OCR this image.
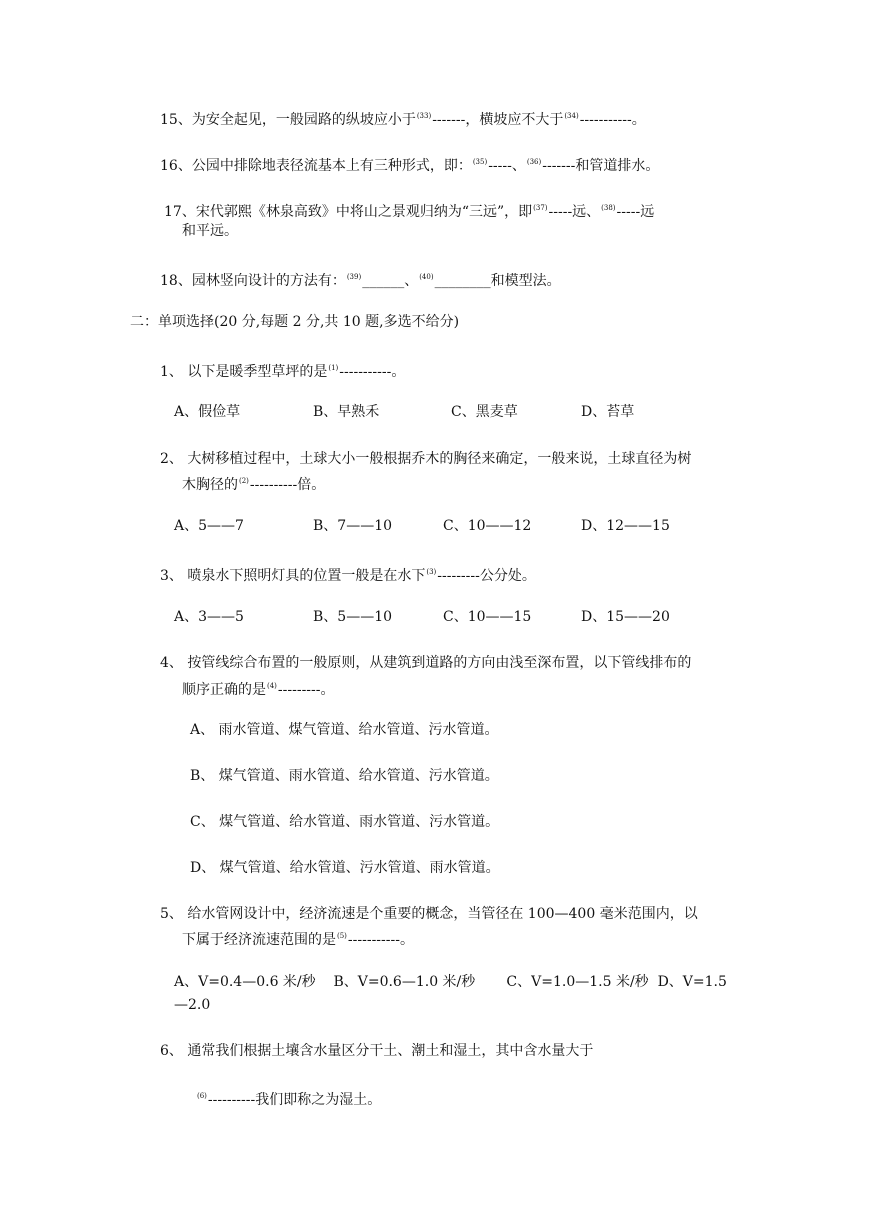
15、为安全起见，一般园路的纵坡应小于$^{(33)}$-------，横坡应不大于$^{(34)}$-----------。
16、公园中排除地表径流基本上有三种形式，即：$^{(35)}$-----、$^{(36)}$-------和管道排水。
17、宋代郭熙《林泉高致》中将山之景观归纳为“三远”，即$^{(37)}$-----远、$^{(38)}$-----远
和平远。
18、园林竖向设计的方法有：$^{(39)}$______、$^{(40)}$________和模型法。
二：单项选择(20 分,每题 2 分,共 10 题,多选不给分)
1、 以下是暖季型草坪的是$^{(1)}$-----------。
A、假俭草	B、早熟禾	C、黑麦草	D、苔草
2、 大树移植过程中，土球大小一般根据乔木的胸径来确定，一般来说，土球直径为树
木胸径的$^{(2)}$----------倍。
A、5——7	B、7——10	C、10——12	D、12——15
3、 喷泉水下照明灯具的位置一般是在水下$^{(3)}$---------公分处。
A、3——5	B、5——10	C、10——15	D、15——20
4、 按管线综合布置的一般原则，从建筑到道路的方向由浅至深布置，以下管线排布的
顺序正确的是$^{(4)}$---------。
A、 雨水管道、煤气管道、给水管道、污水管道。
B、 煤气管道、雨水管道、给水管道、污水管道。
C、 煤气管道、给水管道、雨水管道、污水管道。
D、 煤气管道、给水管道、污水管道、雨水管道。
5、 给水管网设计中，经济流速是个重要的概念，当管径在 100—400 毫米范围内，以
下属于经济流速范围的是$^{(5)}$-----------。
A、V=0.4—0.6 米/秒    B、V=0.6—1.0 米/秒       C、V=1.0—1.5 米/秒  D、V=1.5
—2.0
6、 通常我们根据土壤含水量区分干土、潮土和湿土，其中含水量大于
$^{(6)}$----------我们即称之为湿土。
